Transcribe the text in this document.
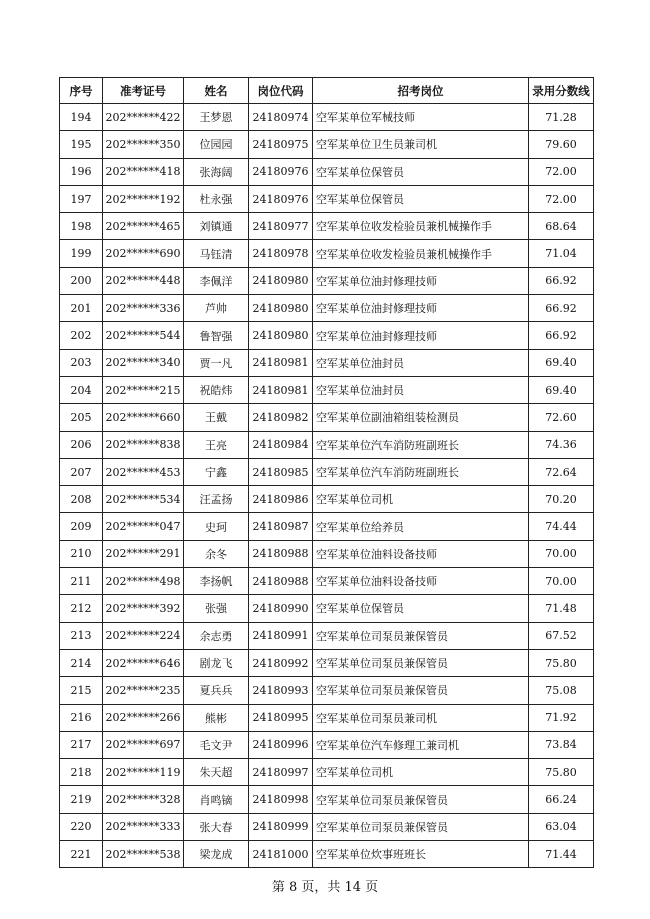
序号	准考证号	姓名	岗位代码	招考岗位	录用分数线
194	202******422	王梦恩	24180974	空军某单位军械技师	71.28
195	202******350	位园园	24180975	空军某单位卫生员兼司机	79.60
196	202******418	张海阔	24180976	空军某单位保管员	72.00
197	202******192	杜永强	24180976	空军某单位保管员	72.00
198	202******465	刘镇通	24180977	空军某单位收发检验员兼机械操作手	68.64
199	202******690	马钰清	24180978	空军某单位收发检验员兼机械操作手	71.04
200	202******448	李佩洋	24180980	空军某单位油封修理技师	66.92
201	202******336	芦帅	24180980	空军某单位油封修理技师	66.92
202	202******544	鲁智强	24180980	空军某单位油封修理技师	66.92
203	202******340	贾一凡	24180981	空军某单位油封员	69.40
204	202******215	祝皓炜	24180981	空军某单位油封员	69.40
205	202******660	王戴	24180982	空军某单位副油箱组装检测员	72.60
206	202******838	王亮	24180984	空军某单位汽车消防班副班长	74.36
207	202******453	宁鑫	24180985	空军某单位汽车消防班副班长	72.64
208	202******534	汪孟扬	24180986	空军某单位司机	70.20
209	202******047	史珂	24180987	空军某单位给养员	74.44
210	202******291	余冬	24180988	空军某单位油料设备技师	70.00
211	202******498	李扬帆	24180988	空军某单位油料设备技师	70.00
212	202******392	张强	24180990	空军某单位保管员	71.48
213	202******224	余志勇	24180991	空军某单位司泵员兼保管员	67.52
214	202******646	剧龙飞	24180992	空军某单位司泵员兼保管员	75.80
215	202******235	夏兵兵	24180993	空军某单位司泵员兼保管员	75.08
216	202******266	熊彬	24180995	空军某单位司泵员兼司机	71.92
217	202******697	毛文尹	24180996	空军某单位汽车修理工兼司机	73.84
218	202******119	朱天超	24180997	空军某单位司机	75.80
219	202******328	肖鸣镝	24180998	空军某单位司泵员兼保管员	66.24
220	202******333	张大春	24180999	空军某单位司泵员兼保管员	63.04
221	202******538	梁龙成	24181000	空军某单位炊事班班长	71.44
第 8 页，共 14 页
